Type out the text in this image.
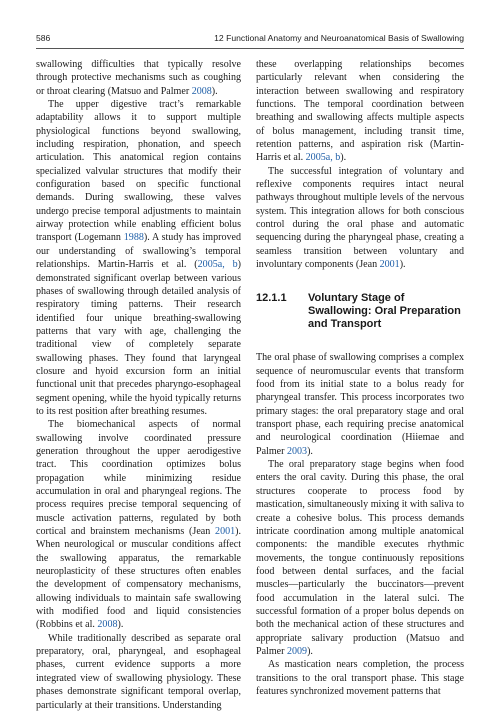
586	12 Functional Anatomy and Neuroanatomical Basis of Swallowing

swallowing difficulties that typically resolve through protective mechanisms such as coughing or throat clearing (Matsuo and Palmer 2008).

The upper digestive tract’s remarkable adaptability allows it to support multiple physiological functions beyond swallowing, including respiration, phonation, and speech articulation. This anatomical region contains specialized valvular structures that modify their configuration based on specific functional demands. During swallowing, these valves undergo precise temporal adjustments to maintain airway protection while enabling efficient bolus transport (Logemann 1988). A study has improved our understanding of swallowing’s temporal relationships. Martin-Harris et al. (2005a, b) demonstrated significant overlap between various phases of swallowing through detailed analysis of respiratory timing patterns. Their research identified four unique breathing-swallowing patterns that vary with age, challenging the traditional view of completely separate swallowing phases. They found that laryngeal closure and hyoid excursion form an initial functional unit that precedes pharyngo-esophageal segment opening, while the hyoid typically returns to its rest position after breathing resumes.

The biomechanical aspects of normal swallowing involve coordinated pressure generation throughout the upper aerodigestive tract. This coordination optimizes bolus propagation while minimizing residue accumulation in oral and pharyngeal regions. The process requires precise temporal sequencing of muscle activation patterns, regulated by both cortical and brainstem mechanisms (Jean 2001). When neurological or muscular conditions affect the swallowing apparatus, the remarkable neuroplasticity of these structures often enables the development of compensatory mechanisms, allowing individuals to maintain safe swallowing with modified food and liquid consistencies (Robbins et al. 2008).

While traditionally described as separate oral preparatory, oral, pharyngeal, and esophageal phases, current evidence supports a more integrated view of swallowing physiology. These phases demonstrate significant temporal overlap, particularly at their transitions. Understanding

these overlapping relationships becomes particularly relevant when considering the interaction between swallowing and respiratory functions. The temporal coordination between breathing and swallowing affects multiple aspects of bolus management, including transit time, retention patterns, and aspiration risk (Martin-Harris et al. 2005a, b).

The successful integration of voluntary and reflexive components requires intact neural pathways throughout multiple levels of the nervous system. This integration allows for both conscious control during the oral phase and automatic sequencing during the pharyngeal phase, creating a seamless transition between voluntary and involuntary components (Jean 2001).

12.1.1	Voluntary Stage of Swallowing: Oral Preparation and Transport

The oral phase of swallowing comprises a complex sequence of neuromuscular events that transform food from its initial state to a bolus ready for pharyngeal transfer. This process incorporates two primary stages: the oral preparatory stage and oral transport phase, each requiring precise anatomical and neurological coordination (Hiiemae and Palmer 2003).

The oral preparatory stage begins when food enters the oral cavity. During this phase, the oral structures cooperate to process food by mastication, simultaneously mixing it with saliva to create a cohesive bolus. This process demands intricate coordination among multiple anatomical components: the mandible executes rhythmic movements, the tongue continuously repositions food between dental surfaces, and the facial muscles—particularly the buccinators—prevent food accumulation in the lateral sulci. The successful formation of a proper bolus depends on both the mechanical action of these structures and appropriate salivary production (Matsuo and Palmer 2009).

As mastication nears completion, the process transitions to the oral transport phase. This stage features synchronized movement patterns that
